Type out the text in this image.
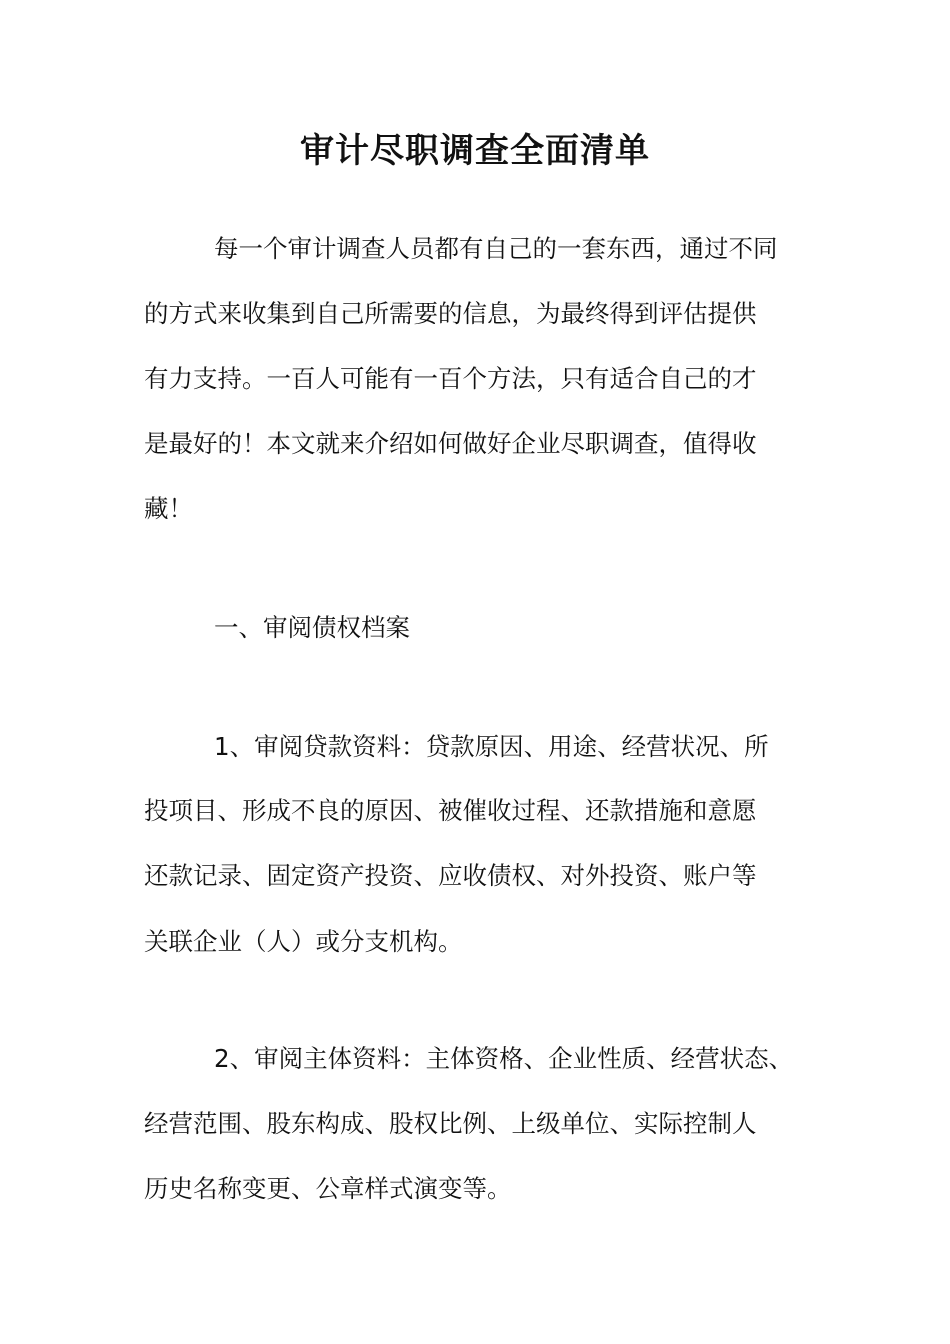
审计尽职调查全面清单
每一个审计调查人员都有自己的一套东西，通过不同
的方式来收集到自己所需要的信息，为最终得到评估提供
有力支持。一百人可能有一百个方法，只有适合自己的才
是最好的！本文就来介绍如何做好企业尽职调查，值得收
藏！
一、审阅债权档案
1、审阅贷款资料：贷款原因、用途、经营状况、所
投项目、形成不良的原因、被催收过程、还款措施和意愿
还款记录、固定资产投资、应收债权、对外投资、账户等
关联企业（人）或分支机构。
2、审阅主体资料：主体资格、企业性质、经营状态、
经营范围、股东构成、股权比例、上级单位、实际控制人
历史名称变更、公章样式演变等。
